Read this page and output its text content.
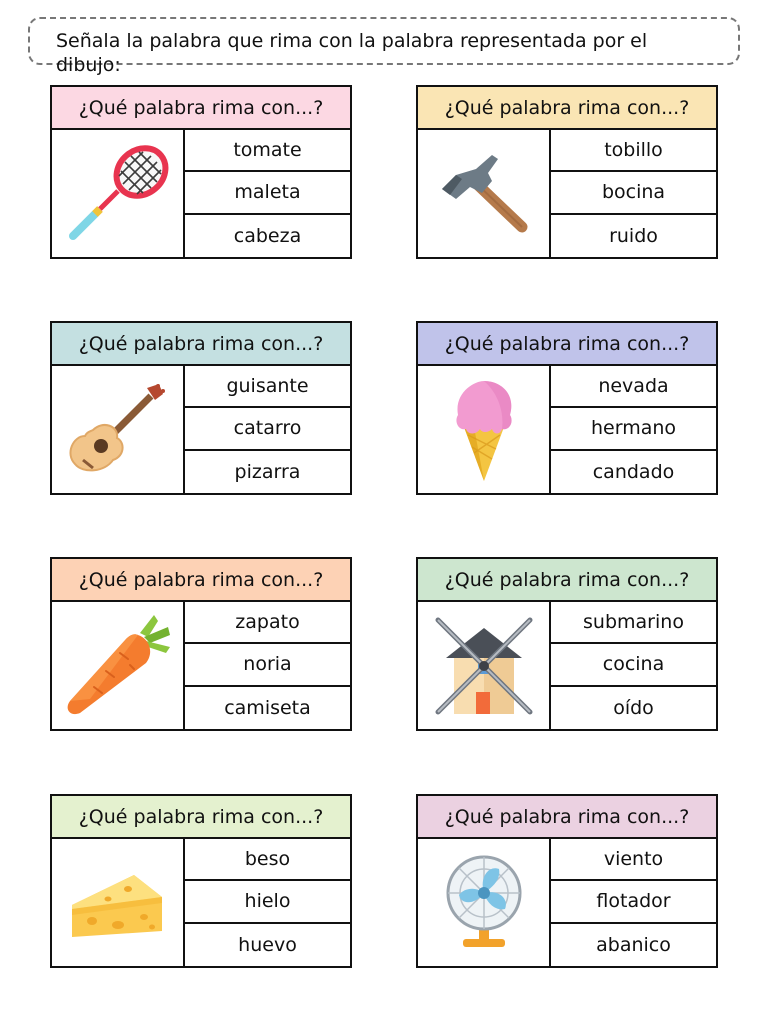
Señala la palabra que rima con la palabra representada por el dibujo:
¿Qué palabra rima con...?
tomate
maleta
cabeza
¿Qué palabra rima con...?
tobillo
bocina
ruido
¿Qué palabra rima con...?
guisante
catarro
pizarra
¿Qué palabra rima con...?
nevada
hermano
candado
¿Qué palabra rima con...?
zapato
noria
camiseta
¿Qué palabra rima con...?
submarino
cocina
oído
¿Qué palabra rima con...?
beso
hielo
huevo
¿Qué palabra rima con...?
viento
flotador
abanico
